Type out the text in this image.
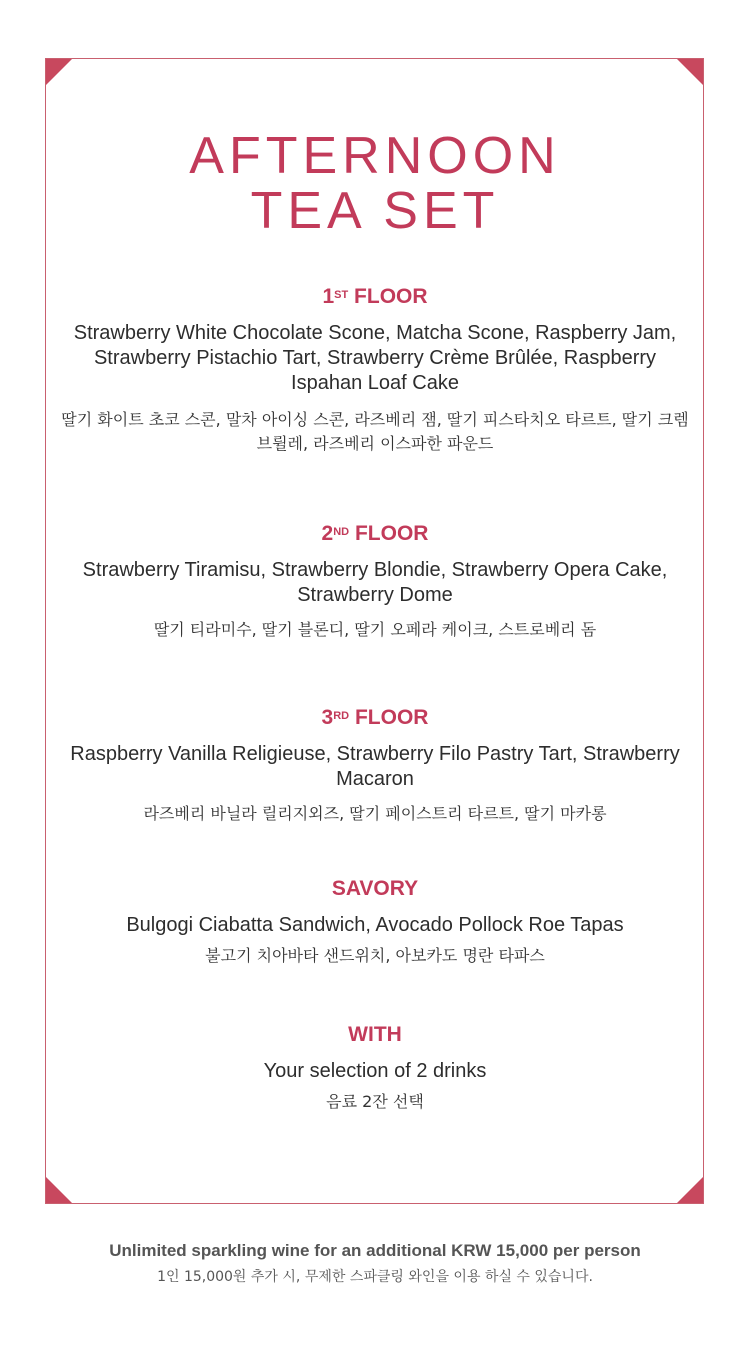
AFTERNOON
TEA SET

1ST FLOOR

Strawberry White Chocolate Scone, Matcha Scone, Raspberry Jam, Strawberry Pistachio Tart, Strawberry Crème Brûlée, Raspberry Ispahan Loaf Cake

딸기 화이트 초코 스콘, 말차 아이싱 스콘, 라즈베리 잼, 딸기 피스타치오 타르트, 딸기 크렘 브륄레, 라즈베리 이스파한 파운드

2ND FLOOR

Strawberry Tiramisu, Strawberry Blondie, Strawberry Opera Cake, Strawberry Dome

딸기 티라미수, 딸기 블론디, 딸기 오페라 케이크, 스트로베리 돔

3RD FLOOR

Raspberry Vanilla Religieuse, Strawberry Filo Pastry Tart, Strawberry Macaron

라즈베리 바닐라 릴리지외즈, 딸기 페이스트리 타르트, 딸기 마카롱

SAVORY

Bulgogi Ciabatta Sandwich, Avocado Pollock Roe Tapas

불고기 치아바타 샌드위치, 아보카도 명란 타파스

WITH

Your selection of 2 drinks

음료 2잔 선택

Unlimited sparkling wine for an additional KRW 15,000 per person
1인 15,000원 추가 시, 무제한 스파클링 와인을 이용 하실 수 있습니다.
